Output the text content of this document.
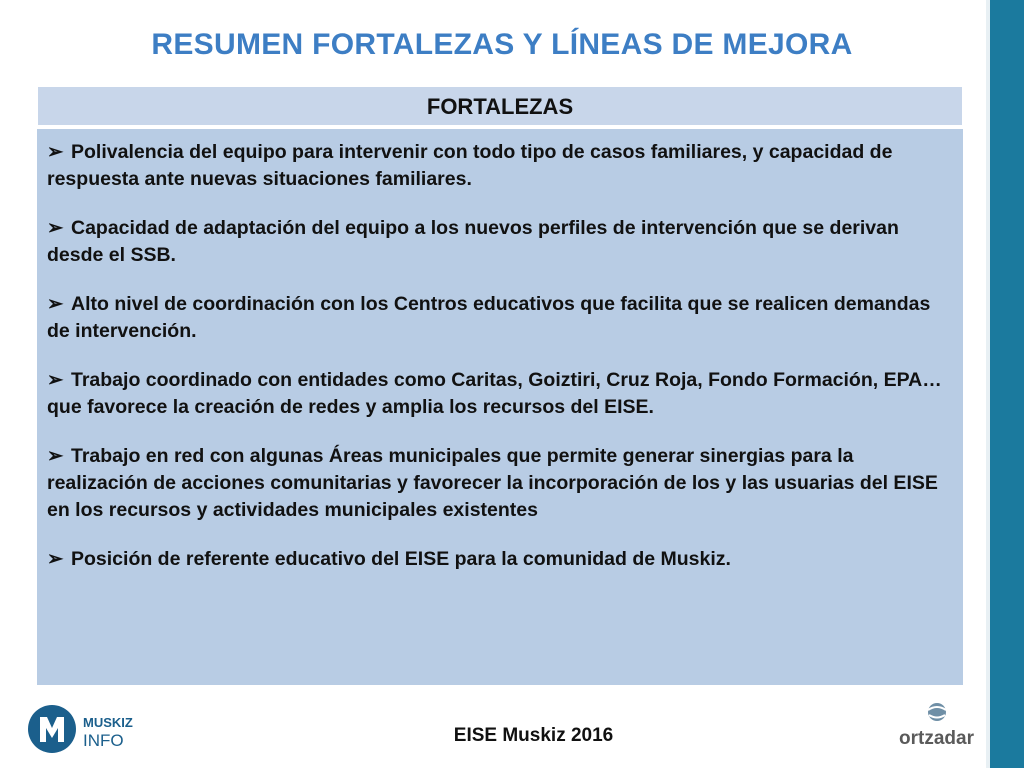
RESUMEN FORTALEZAS Y LÍNEAS DE MEJORA
FORTALEZAS
➢ Polivalencia del equipo para intervenir con todo tipo de casos familiares, y capacidad de respuesta ante nuevas situaciones familiares.
➢ Capacidad de adaptación del equipo a los nuevos perfiles de intervención que se derivan desde el SSB.
➢ Alto nivel de coordinación con los Centros educativos que facilita que se realicen demandas de intervención.
➢ Trabajo coordinado con entidades como Caritas, Goiztiri, Cruz Roja, Fondo Formación, EPA… que favorece la creación de redes y amplia los recursos del EISE.
➢ Trabajo en red con algunas Áreas municipales que permite generar sinergias para la realización de acciones comunitarias y favorecer la incorporación de los y las usuarias del EISE en los recursos y actividades municipales existentes
➢ Posición de referente educativo del EISE para la comunidad de Muskiz.
MUSKIZ
INFO	EISE Muskiz 2016	ortzadar
